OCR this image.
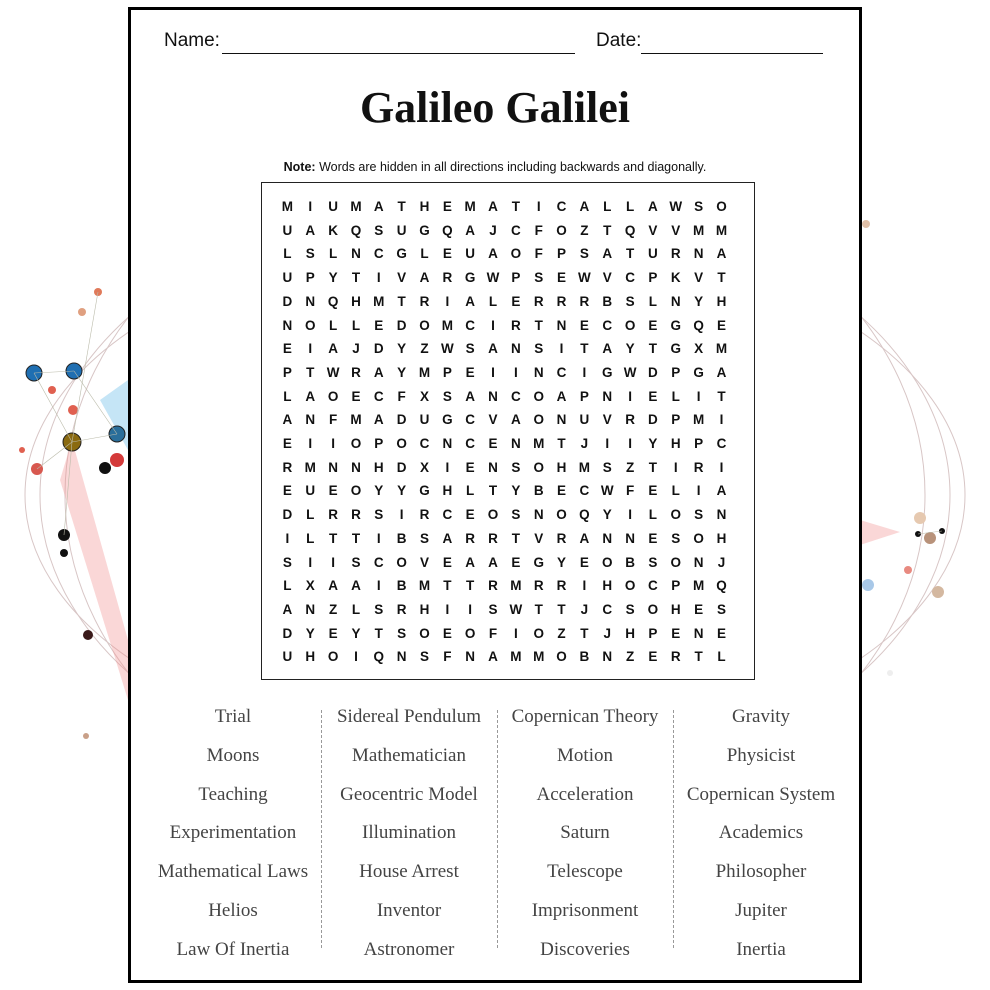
Name:	Date:
Galileo Galilei
Note: Words are hidden in all directions including backwards and diagonally.
M	I	U M A	T	H E M A	T	I	C A	L	L	A W S O
U A K Q S U G Q A	J	C	F O Z	T Q V	V M M
L	S	L	N C G L	E U A O F	P	S A	T	U R N A
U P	Y	T	I	V A R G W P	S	E W V C P K V	T
D N Q H M T	R	I	A	L	E R R R B S	L	N Y H
N O L	L	E D O M C	I	R	T	N E C O E G Q E
E	I	A	J	D Y	Z W S A N S	I	T	A Y	T G X M
P	T W R A Y M P	E	I	I	N C	I	G W D P G A
L	A O E C	F	X	S A N C O A P N	I	E	L	I	T
A N	F M A D U G C V A O N U V R D P M	I
E	I	I	O P O C N C E N M T	J	I	I	Y H P C
R M N N H D X	I	E N S O H M S	Z	T	I	R	I
E U E O Y	Y G H	L	T	Y B E C W F	E	L	I	A
D	L	R R S	I	R C E O S N O Q Y	I	L O S N
I	L	T	T	I	B S A R R	T	V R A N N E	S O H
S	I	I	S C O V	E A A E G Y	E O B S O N	J
L	X A A	I	B M T	T	R M R R	I	H O C P M Q
A N	Z	L	S R H	I	I	S W T	T	J	C S O H E	S
D Y	E	Y	T	S O E O F	I	O Z	T	J	H P	E N E
U H O	I	Q N S	F	N A M M O B N	Z	E R	T	L
Trial
Moons
Teaching
Experimentation
Mathematical Laws
Helios
Law Of Inertia
Sidereal Pendulum
Mathematician
Geocentric Model
Illumination
House Arrest
Inventor
Astronomer
Copernican Theory
Motion
Acceleration
Saturn
Telescope
Imprisonment
Discoveries
Gravity
Physicist
Copernican System
Academics
Philosopher
Jupiter
Inertia
